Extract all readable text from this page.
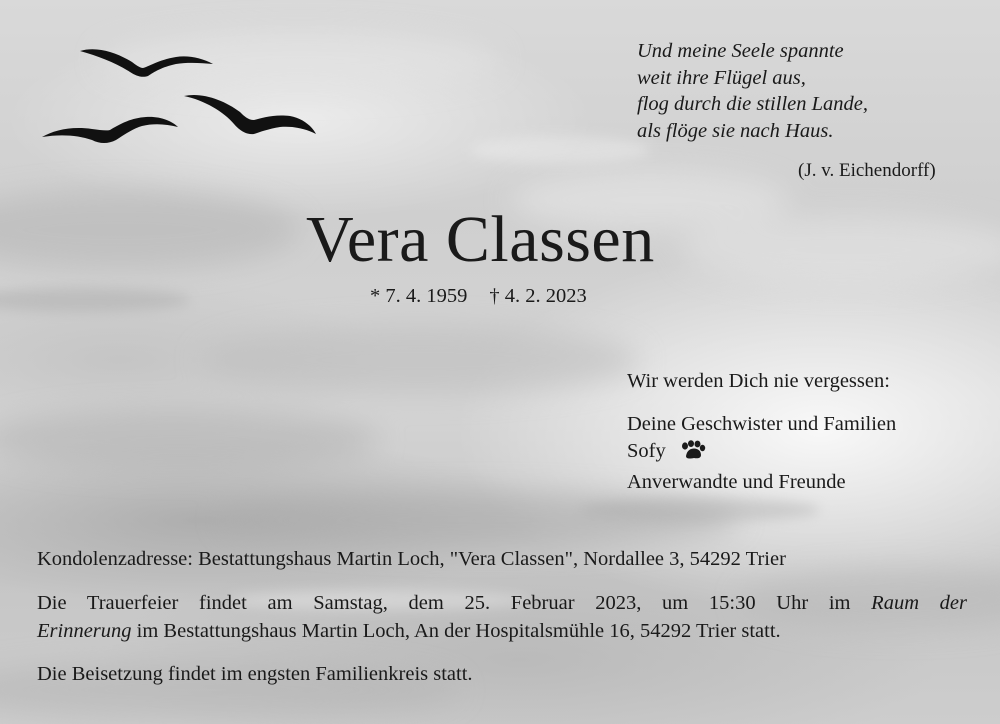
Und meine Seele spannte
weit ihre Flügel aus,
flog durch die stillen Lande,
als flöge sie nach Haus.
(J. v. Eichendorff)
Vera Classen
* 7. 4. 1959 † 4. 2. 2023
Wir werden Dich nie vergessen:
Deine Geschwister und Familien
Sofy
Anverwandte und Freunde
Kondolenzadresse: Bestattungshaus Martin Loch, "Vera Classen", Nordallee 3, 54292 Trier
Die Trauerfeier findet am Samstag, dem 25. Februar 2023, um 15:30 Uhr im Raum der
Erinnerung im Bestattungshaus Martin Loch, An der Hospitalsmühle 16, 54292 Trier statt.
Die Beisetzung findet im engsten Familienkreis statt.
